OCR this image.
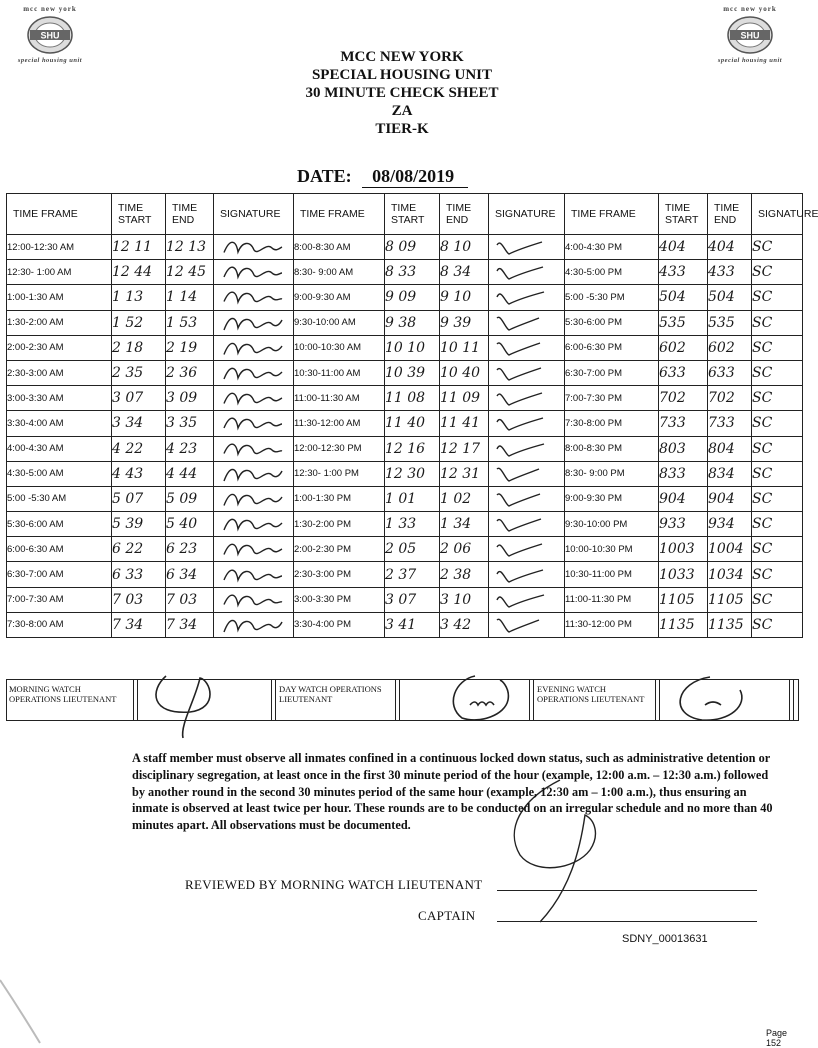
mcc new york
SHU
special housing unit
mcc new york
SHU
special housing unit
MCC NEW YORK
SPECIAL HOUSING UNIT
30 MINUTE CHECK SHEET
ZA
TIER-K
DATE: 08/08/2019
TIME FRAME	TIME START	TIME END	SIGNATURE	TIME FRAME	TIME START	TIME END	SIGNATURE	TIME FRAME	TIME START	TIME END	SIGNATURE
12:00-12:30 AM	12 11	12 13		8:00-8:30 AM	8 09	8 10		4:00-4:30 PM	404	404	SC
12:30- 1:00 AM	12 44	12 45		8:30- 9:00 AM	8 33	8 34		4:30-5:00 PM	433	433	SC
1:00-1:30 AM	1 13	1 14		9:00-9:30 AM	9 09	9 10		5:00 -5:30 PM	504	504	SC
1:30-2:00 AM	1 52	1 53		9:30-10:00 AM	9 38	9 39		5:30-6:00 PM	535	535	SC
2:00-2:30 AM	2 18	2 19		10:00-10:30 AM	10 10	10 11		6:00-6:30 PM	602	602	SC
2:30-3:00 AM	2 35	2 36		10:30-11:00 AM	10 39	10 40		6:30-7:00 PM	633	633	SC
3:00-3:30 AM	3 07	3 09		11:00-11:30 AM	11 08	11 09		7:00-7:30 PM	702	702	SC
3:30-4:00 AM	3 34	3 35		11:30-12:00 AM	11 40	11 41		7:30-8:00 PM	733	733	SC
4:00-4:30 AM	4 22	4 23		12:00-12:30 PM	12 16	12 17		8:00-8:30 PM	803	804	SC
4:30-5:00 AM	4 43	4 44		12:30- 1:00 PM	12 30	12 31		8:30- 9:00 PM	833	834	SC
5:00 -5:30 AM	5 07	5 09		1:00-1:30 PM	1 01	1 02		9:00-9:30 PM	904	904	SC
5:30-6:00 AM	5 39	5 40		1:30-2:00 PM	1 33	1 34		9:30-10:00 PM	933	934	SC
6:00-6:30 AM	6 22	6 23		2:00-2:30 PM	2 05	2 06		10:00-10:30 PM	1003	1004	SC
6:30-7:00 AM	6 33	6 34		2:30-3:00 PM	2 37	2 38		10:30-11:00 PM	1033	1034	SC
7:00-7:30 AM	7 03	7 03		3:00-3:30 PM	3 07	3 10		11:00-11:30 PM	1105	1105	SC
7:30-8:00 AM	7 34	7 34		3:30-4:00 PM	3 41	3 42		11:30-12:00 PM	1135	1135	SC
MORNING WATCH OPERATIONS LIEUTENANT
DAY WATCH OPERATIONS LIEUTENANT
EVENING WATCH OPERATIONS LIEUTENANT
A staff member must observe all inmates confined in a continuous locked down status, such as administrative detention or disciplinary segregation, at least once in the first 30 minute period of the hour (example, 12:00 a.m. – 12:30 a.m.) followed by another round in the second 30 minutes period of the same hour (example, 12:30 am – 1:00 a.m.), thus ensuring an inmate is observed at least twice per hour. These rounds are to be conducted on an irregular schedule and no more than 40 minutes apart. All observations must be documented.
REVIEWED BY MORNING WATCH LIEUTENANT
CAPTAIN
SDNY_00013631
Page 152
